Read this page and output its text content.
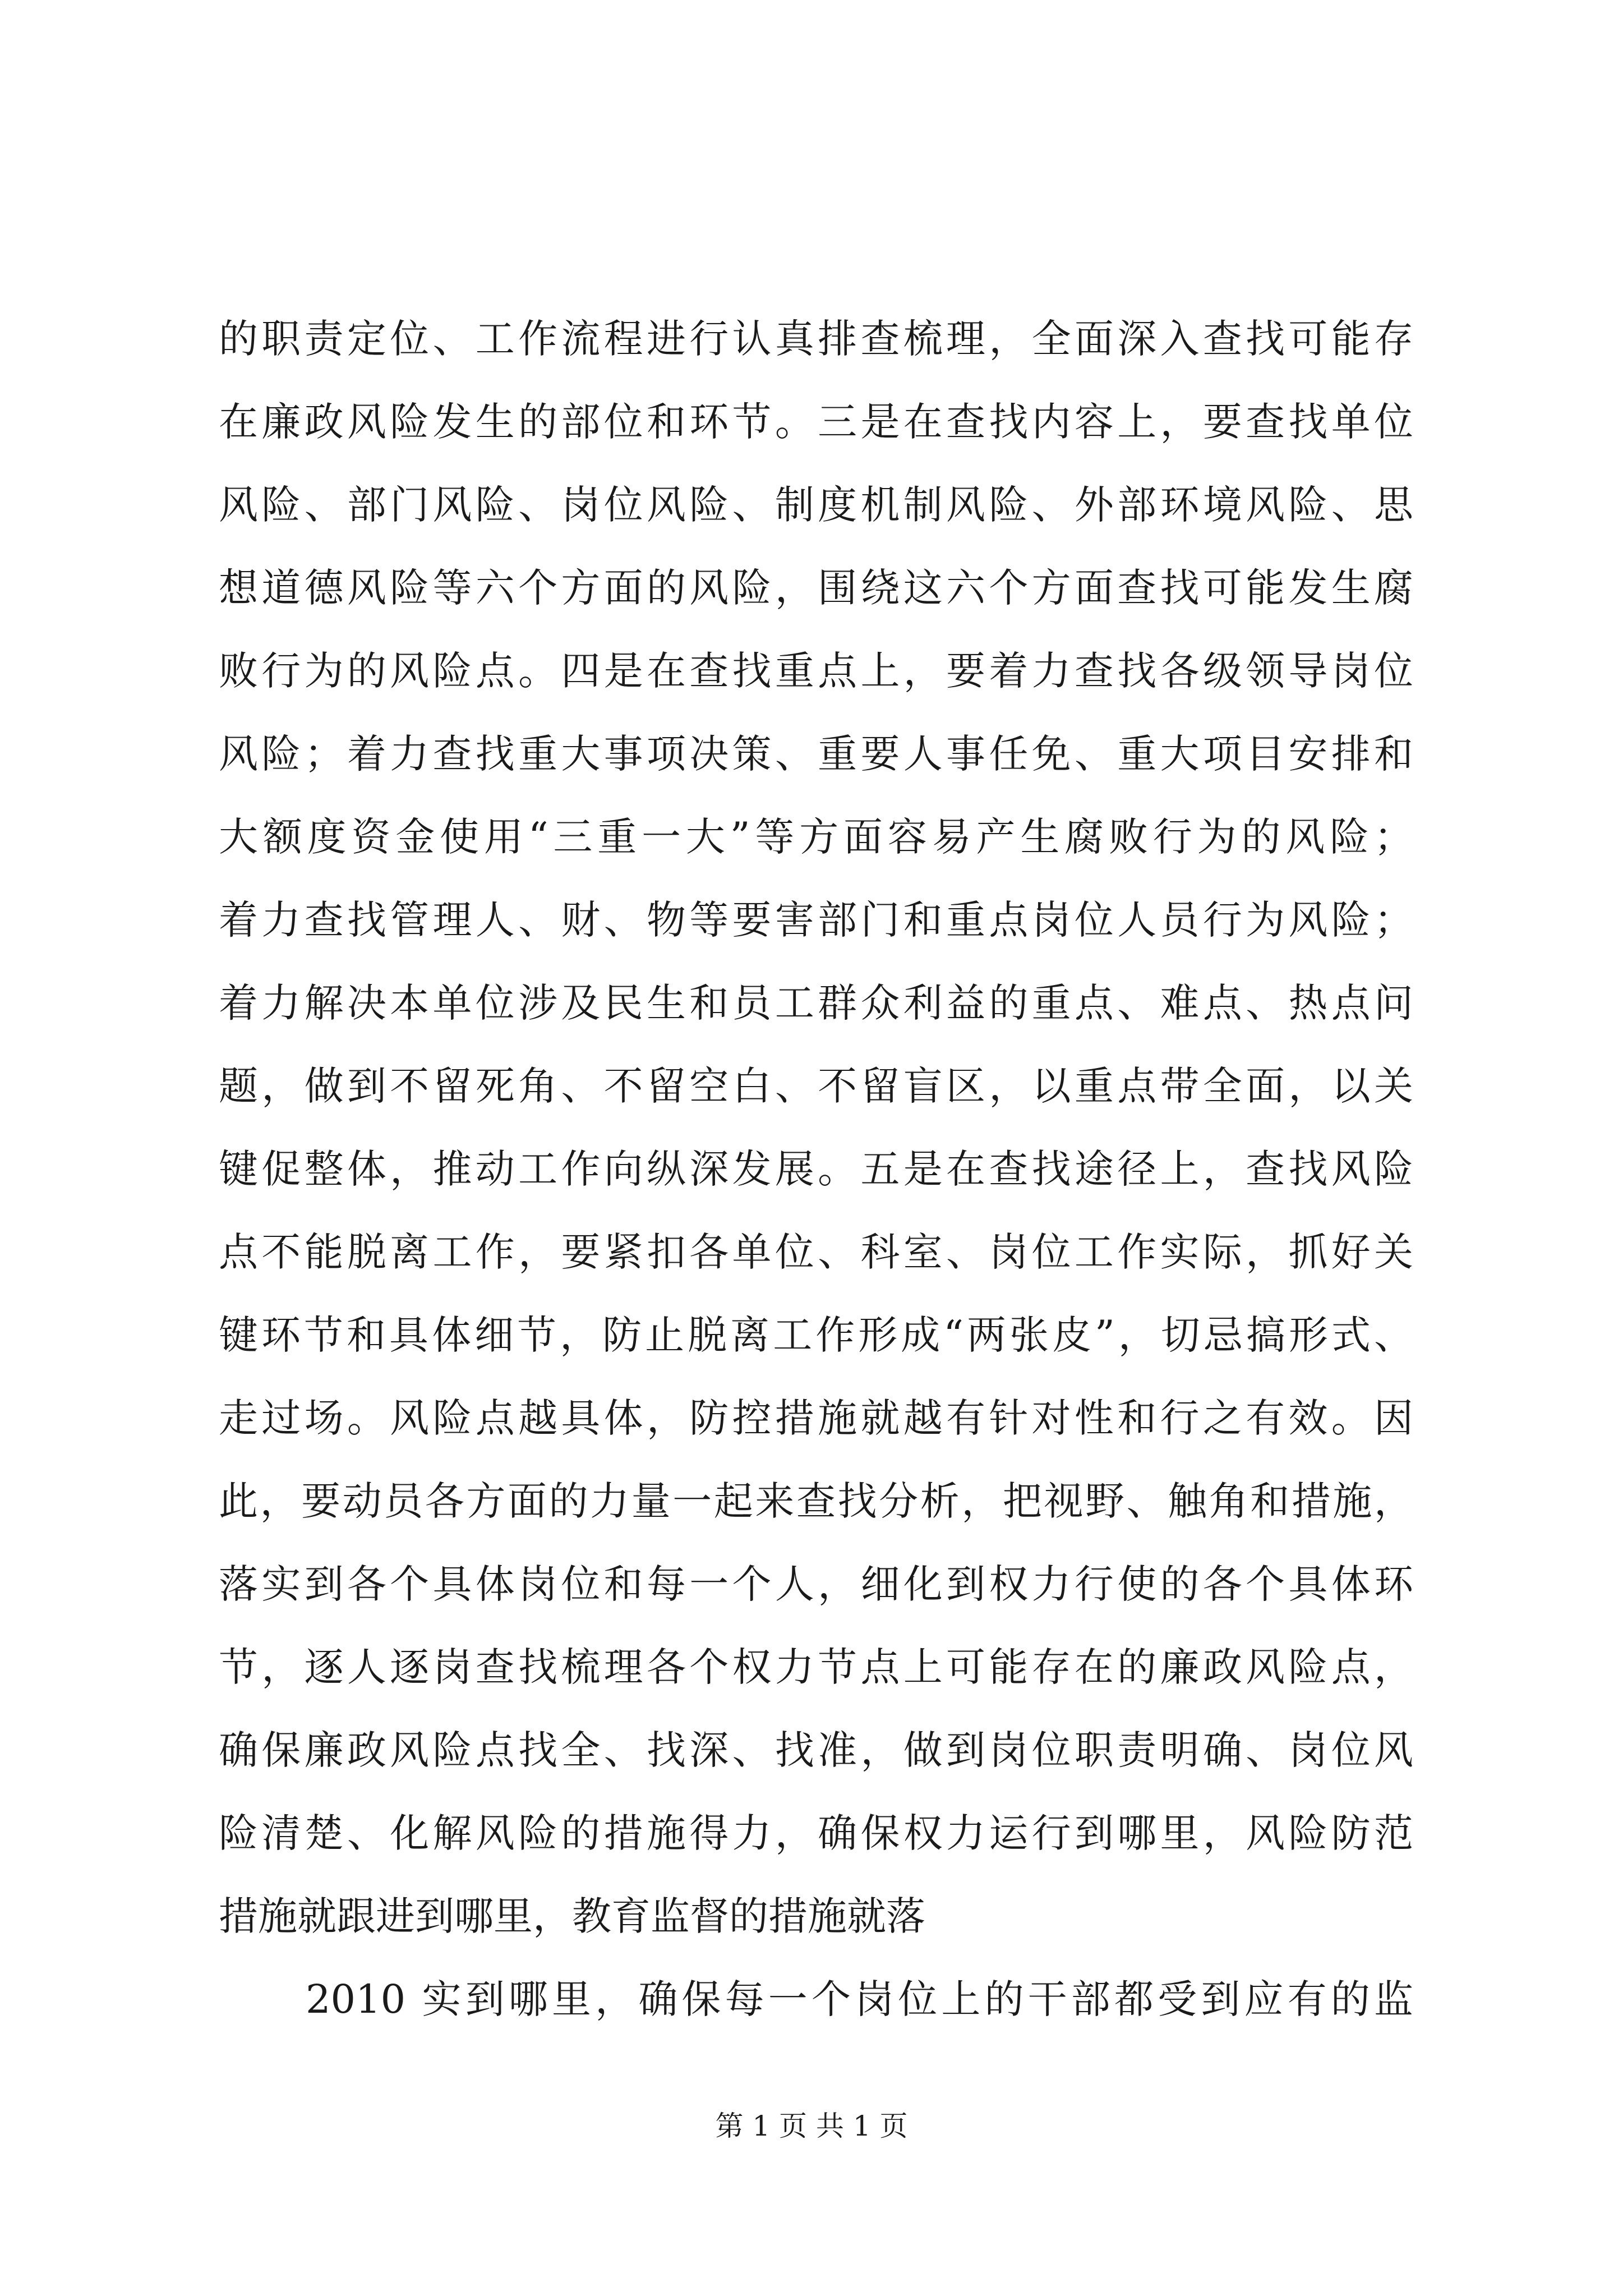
的职责定位、工作流程进行认真排查梳理，全面深入查找可能存
在廉政风险发生的部位和环节。三是在查找内容上，要查找单位
风险、部门风险、岗位风险、制度机制风险、外部环境风险、思
想道德风险等六个方面的风险，围绕这六个方面查找可能发生腐
败行为的风险点。四是在查找重点上，要着力查找各级领导岗位
风险；着力查找重大事项决策、重要人事任免、重大项目安排和
大额度资金使用“三重一大”等方面容易产生腐败行为的风险；
着力查找管理人、财、物等要害部门和重点岗位人员行为风险；
着力解决本单位涉及民生和员工群众利益的重点、难点、热点问
题，做到不留死角、不留空白、不留盲区，以重点带全面，以关
键促整体，推动工作向纵深发展。五是在查找途径上，查找风险
点不能脱离工作，要紧扣各单位、科室、岗位工作实际，抓好关
键环节和具体细节，防止脱离工作形成“两张皮”，切忌搞形式、
走过场。风险点越具体，防控措施就越有针对性和行之有效。因
此，要动员各方面的力量一起来查找分析，把视野、触角和措施，
落实到各个具体岗位和每一个人，细化到权力行使的各个具体环
节，逐人逐岗查找梳理各个权力节点上可能存在的廉政风险点，
确保廉政风险点找全、找深、找准，做到岗位职责明确、岗位风
险清楚、化解风险的措施得力，确保权力运行到哪里，风险防范
措施就跟进到哪里，教育监督的措施就落
2010 实到哪里，确保每一个岗位上的干部都受到应有的监
第 1 页 共 1 页
